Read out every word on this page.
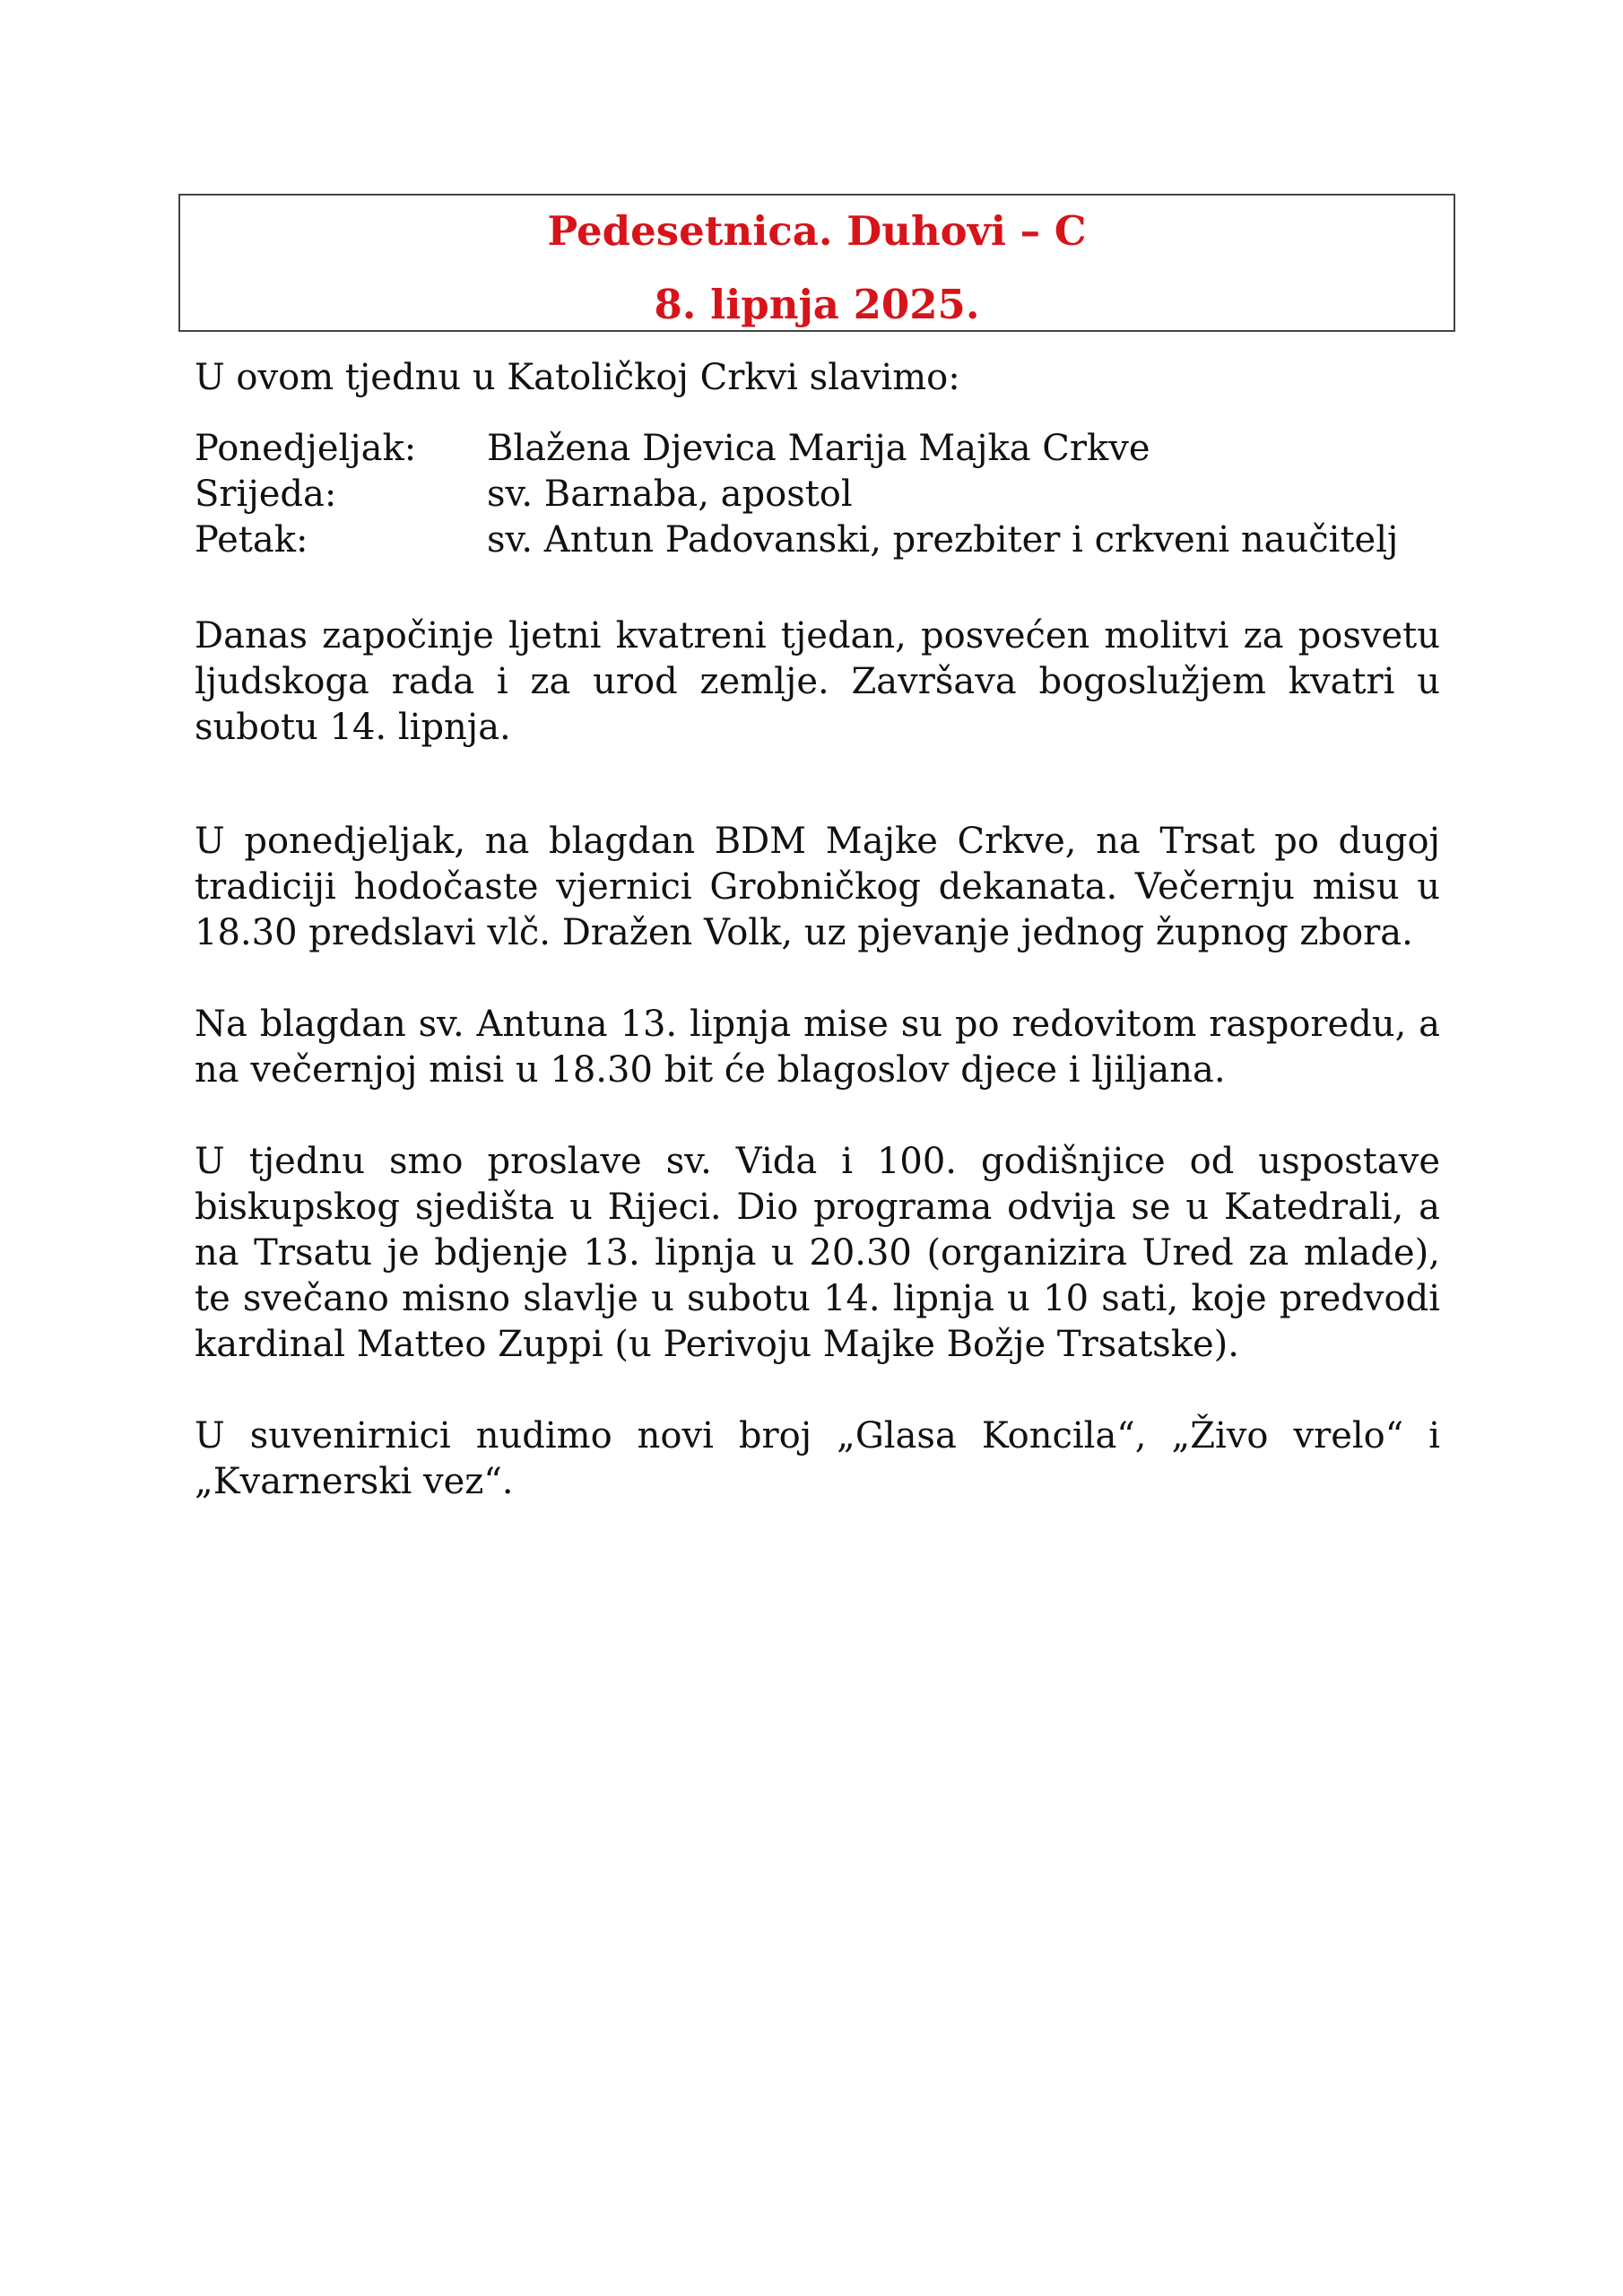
Pedesetnica. Duhovi – C
8. lipnja 2025.
U ovom tjednu u Katoličkoj Crkvi slavimo:
Ponedjeljak:	Blažena Djevica Marija Majka Crkve
Srijeda:	sv. Barnaba, apostol
Petak:	sv. Antun Padovanski, prezbiter i crkveni naučitelj

Danas započinje ljetni kvatreni tjedan, posvećen molitvi za posvetu ljudskoga rada i za urod zemlje. Završava bogoslužjem kvatri u subotu 14. lipnja.

U ponedjeljak, na blagdan BDM Majke Crkve, na Trsat po dugoj tradiciji hodočaste vjernici Grobničkog dekanata. Večernju misu u 18.30 predslavi vlč. Dražen Volk, uz pjevanje jednog župnog zbora.

Na blagdan sv. Antuna 13. lipnja mise su po redovitom rasporedu, a na večernjoj misi u 18.30 bit će blagoslov djece i ljiljana.

U tjednu smo proslave sv. Vida i 100. godišnjice od uspostave biskupskog sjedišta u Rijeci. Dio programa odvija se u Katedrali, a na Trsatu je bdjenje 13. lipnja u 20.30 (organizira Ured za mlade), te svečano misno slavlje u subotu 14. lipnja u 10 sati, koje predvodi kardinal Matteo Zuppi (u Perivoju Majke Božje Trsatske).

U suvenirnici nudimo novi broj „Glasa Koncila“, „Živo vrelo“ i „Kvarnerski vez“.
